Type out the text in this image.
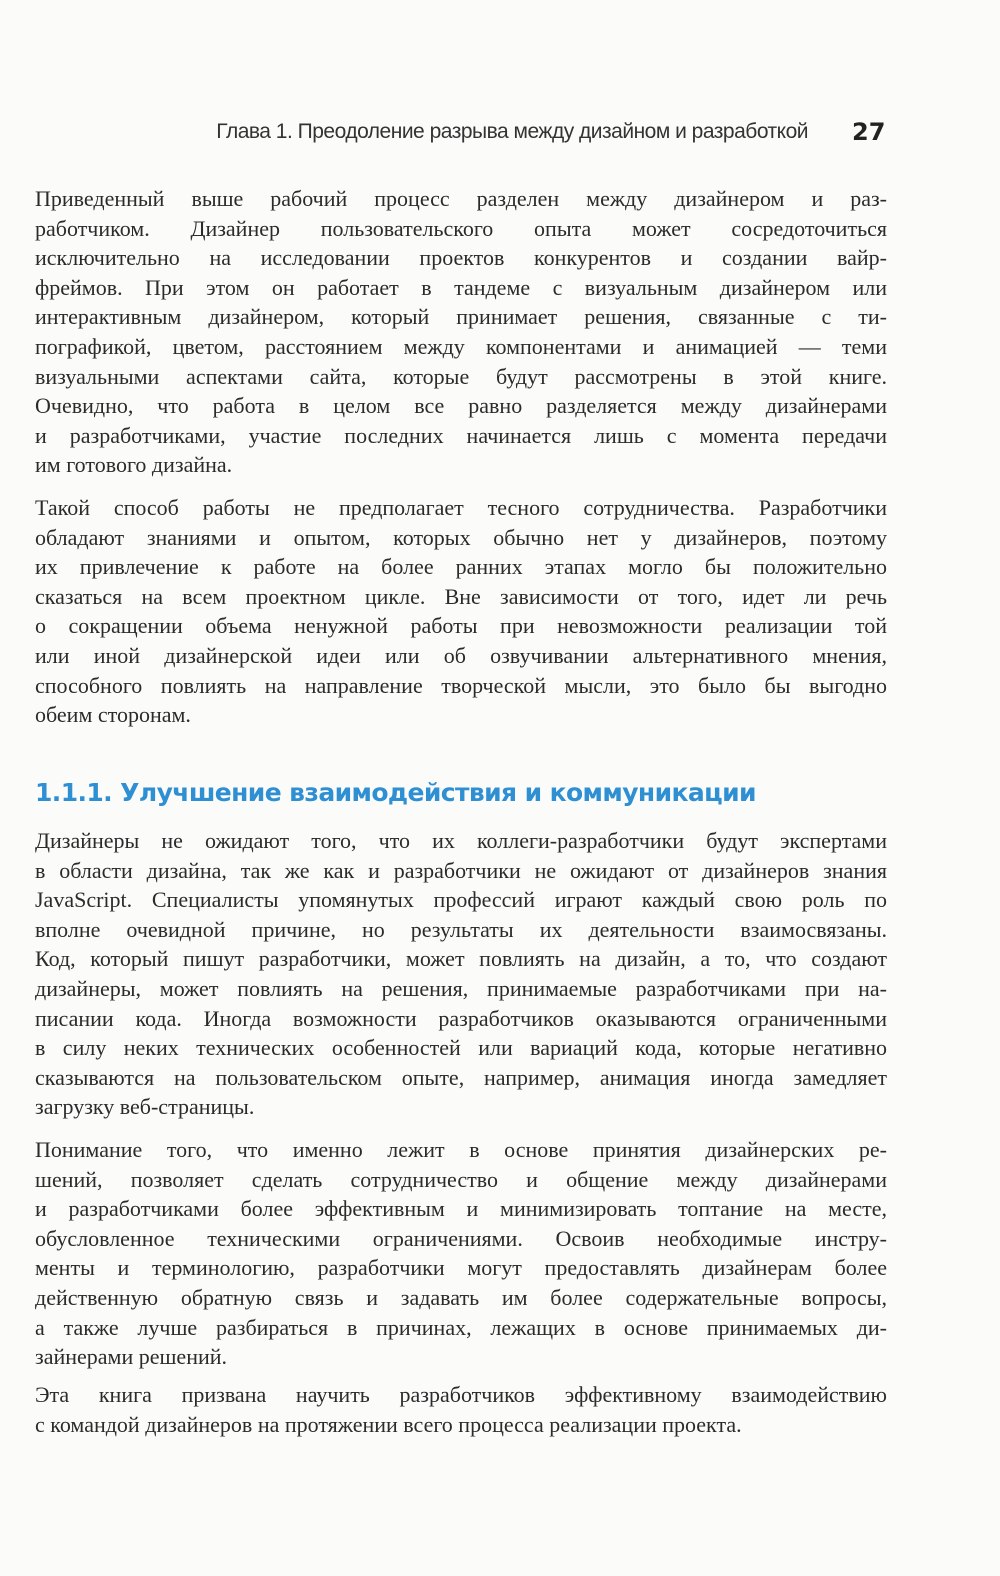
Глава 1. Преодоление разрыва между дизайном и разработкой 27
Приведенный выше рабочий процесс разделен между дизайнером и раз-
работчиком. Дизайнер пользовательского опыта может сосредоточиться
исключительно на исследовании проектов конкурентов и создании вайр-
фреймов. При этом он работает в тандеме с визуальным дизайнером или
интерактивным дизайнером, который принимает решения, связанные с ти-
пографикой, цветом, расстоянием между компонентами и анимацией — теми
визуальными аспектами сайта, которые будут рассмотрены в этой книге.
Очевидно, что работа в целом все равно разделяется между дизайнерами
и разработчиками, участие последних начинается лишь с момента передачи
им готового дизайна.
Такой способ работы не предполагает тесного сотрудничества. Разработчики
обладают знаниями и опытом, которых обычно нет у дизайнеров, поэтому
их привлечение к работе на более ранних этапах могло бы положительно
сказаться на всем проектном цикле. Вне зависимости от того, идет ли речь
о сокращении объема ненужной работы при невозможности реализации той
или иной дизайнерской идеи или об озвучивании альтернативного мнения,
способного повлиять на направление творческой мысли, это было бы выгодно
обеим сторонам.
1.1.1. Улучшение взаимодействия и коммуникации
Дизайнеры не ожидают того, что их коллеги-разработчики будут экспертами
в области дизайна, так же как и разработчики не ожидают от дизайнеров знания
JavaScript. Специалисты упомянутых профессий играют каждый свою роль по
вполне очевидной причине, но результаты их деятельности взаимосвязаны.
Код, который пишут разработчики, может повлиять на дизайн, а то, что создают
дизайнеры, может повлиять на решения, принимаемые разработчиками при на-
писании кода. Иногда возможности разработчиков оказываются ограниченными
в силу неких технических особенностей или вариаций кода, которые негативно
сказываются на пользовательском опыте, например, анимация иногда замедляет
загрузку веб-страницы.
Понимание того, что именно лежит в основе принятия дизайнерских ре-
шений, позволяет сделать сотрудничество и общение между дизайнерами
и разработчиками более эффективным и минимизировать топтание на месте,
обусловленное техническими ограничениями. Освоив необходимые инстру-
менты и терминологию, разработчики могут предоставлять дизайнерам более
действенную обратную связь и задавать им более содержательные вопросы,
а также лучше разбираться в причинах, лежащих в основе принимаемых ди-
зайнерами решений.
Эта книга призвана научить разработчиков эффективному взаимодействию
с командой дизайнеров на протяжении всего процесса реализации проекта.
